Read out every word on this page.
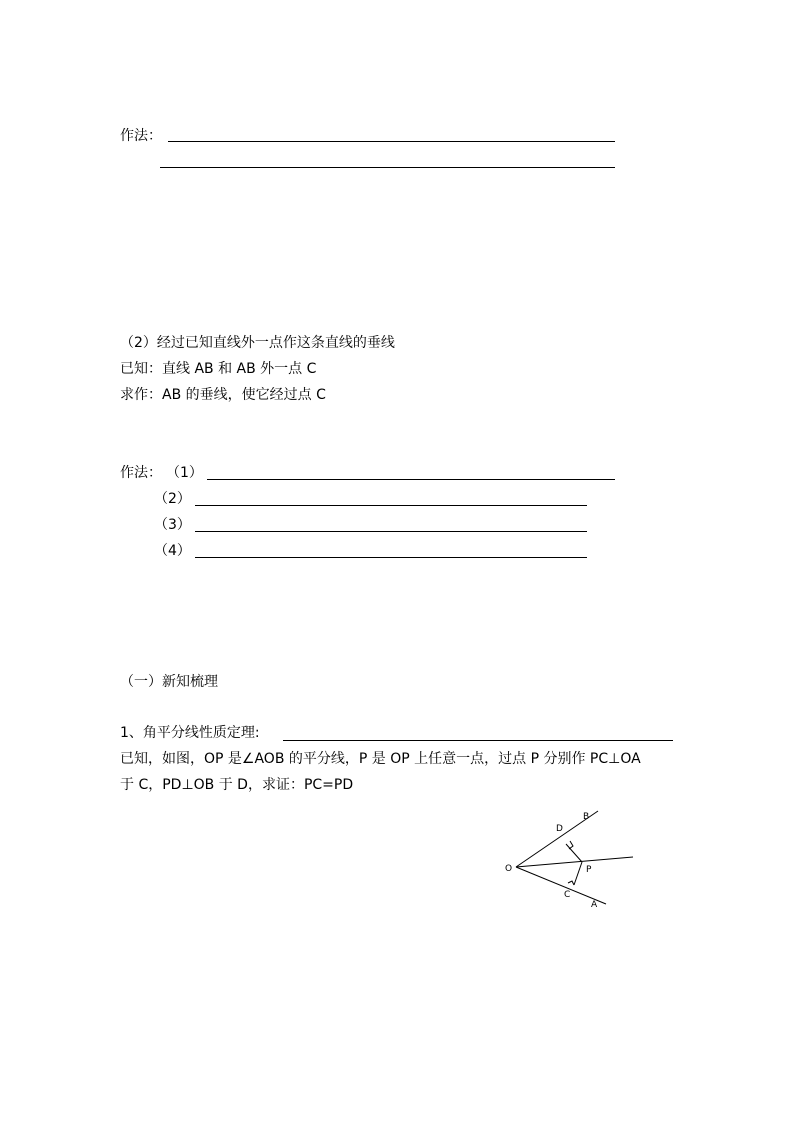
作法：
（2）经过已知直线外一点作这条直线的垂线
已知：直线 AB 和 AB 外一点 C
求作：AB 的垂线，使它经过点 C
作法： （1）
（2）
（3）
（4）
（一）新知梳理
1、角平分线性质定理:
已知，如图，OP 是∠AOB 的平分线，P 是 OP 上任意一点，过点 P 分别作 PC⊥OA
于 C，PD⊥OB 于 D，求证：PC=PD
O
B
D
P
C
A
